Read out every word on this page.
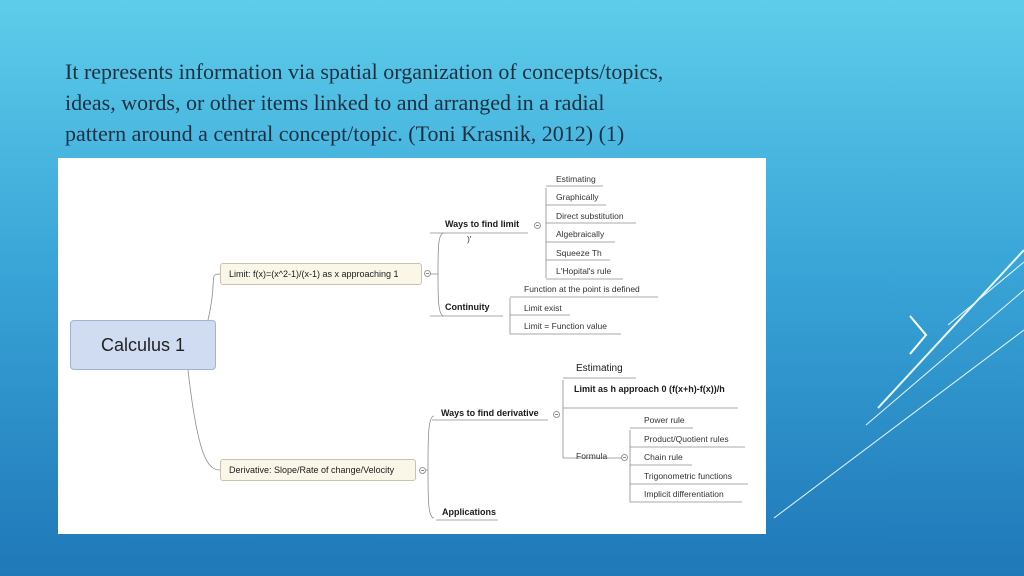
It represents information via spatial organization of concepts/topics,
ideas, words, or other items linked to and arranged in a radial
pattern around a central concept/topic. (Toni Krasnik, 2012) (1)

Calculus 1
Limit: f(x)=(x^2-1)/(x-1) as x approaching 1
Ways to find limit
)'
Estimating
Graphically
Direct substitution
Algebraically
Squeeze Th
L'Hopital's rule
Continuity
Function at the point is defined
Limit exist
Limit = Function value
Derivative: Slope/Rate of change/Velocity
Ways to find derivative
Estimating
Limit as h approach 0 (f(x+h)-f(x))/h
Formula
Power rule
Product/Quotient rules
Chain rule
Trigonometric functions
Implicit differentiation
Applications
